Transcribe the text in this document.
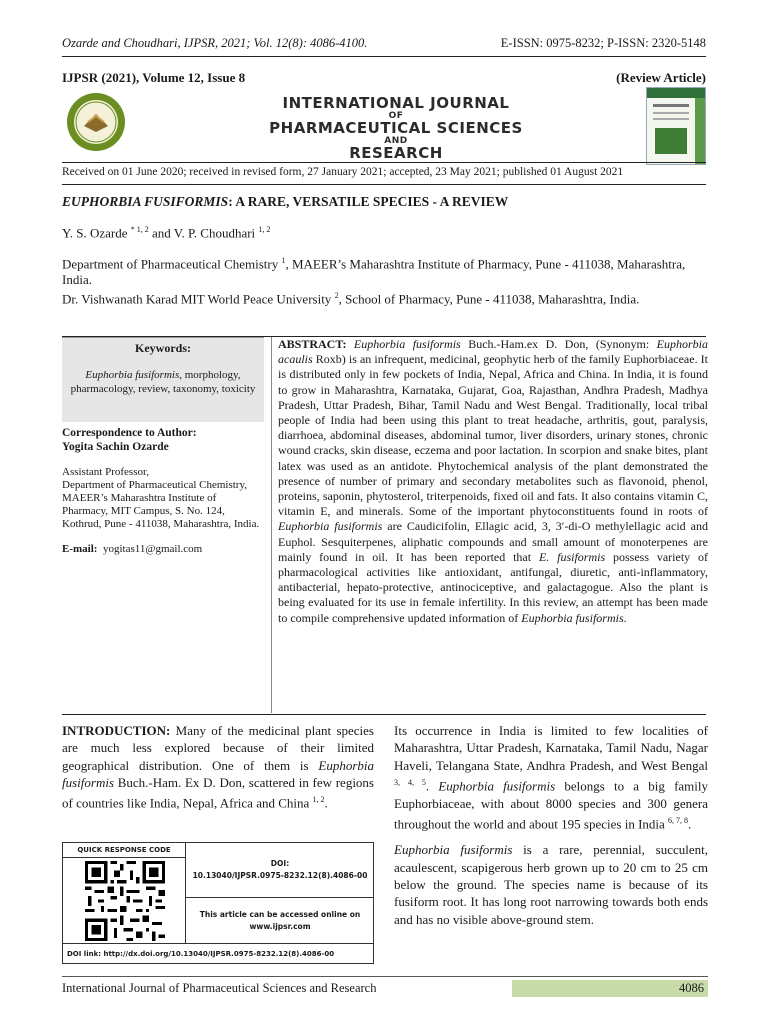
Ozarde and Choudhari, IJPSR, 2021; Vol. 12(8): 4086-4100.	E-ISSN: 0975-8232; P-ISSN: 2320-5148
IJPSR (2021), Volume 12, Issue 8	(Review Article)
INTERNATIONAL JOURNAL
OF
PHARMACEUTICAL SCIENCES
AND
RESEARCH
Received on 01 June 2020; received in revised form, 27 January 2021; accepted, 23 May 2021; published 01 August 2021
EUPHORBIA FUSIFORMIS: A RARE, VERSATILE SPECIES - A REVIEW
Y. S. Ozarde $^{* 1, 2}$ and V. P. Choudhari $^{1, 2}$
Department of Pharmaceutical Chemistry $^1$, MAEER’s Maharashtra Institute of Pharmacy, Pune - 411038, Maharashtra, India.
Dr. Vishwanath Karad MIT World Peace University $^2$, School of Pharmacy, Pune - 411038, Maharashtra, India.
Keywords:
Euphorbia fusiformis, morphology, pharmacology, review, taxonomy, toxicity
Correspondence to Author:
Yogita Sachin Ozarde
Assistant Professor,
Department of Pharmaceutical Chemistry, MAEER’s Maharashtra Institute of Pharmacy, MIT Campus, S. No. 124, Kothrud, Pune - 411038, Maharashtra, India.
E-mail: yogitas11@gmail.com
ABSTRACT: Euphorbia fusiformis Buch.-Ham.ex D. Don, (Synonym: Euphorbia acaulis Roxb) is an infrequent, medicinal, geophytic herb of the family Euphorbiaceae. It is distributed only in few pockets of India, Nepal, Africa and China. In India, it is found to grow in Maharashtra, Karnataka, Gujarat, Goa, Rajasthan, Andhra Pradesh, Madhya Pradesh, Uttar Pradesh, Bihar, Tamil Nadu and West Bengal. Traditionally, local tribal people of India had been using this plant to treat headache, arthritis, gout, paralysis, diarrhoea, abdominal diseases, abdominal tumor, liver disorders, urinary stones, chronic wound cracks, skin disease, eczema and poor lactation. In scorpion and snake bites, plant latex was used as an antidote. Phytochemical analysis of the plant demonstrated the presence of number of primary and secondary metabolites such as flavonoid, phenol, proteins, saponin, phytosterol, triterpenoids, fixed oil and fats. It also contains vitamin C, vitamin E, and minerals. Some of the important phytoconstituents found in roots of Euphorbia fusiformis are Caudicifolin, Ellagic acid, 3, 3′-di-O methylellagic acid and Euphol. Sesquiterpenes, aliphatic compounds and small amount of monoterpenes are mainly found in oil. It has been reported that E. fusiformis possess variety of pharmacological activities like antioxidant, antifungal, diuretic, anti-inflammatory, antibacterial, hepato-protective, antinociceptive, and galactagogue. Also the plant is being evaluated for its use in female infertility. In this review, an attempt has been made to compile comprehensive updated information of Euphorbia fusiformis.
INTRODUCTION: Many of the medicinal plant species are much less explored because of their limited geographical distribution. One of them is Euphorbia fusiformis Buch.-Ham. Ex D. Don, scattered in few regions of countries like India, Nepal, Africa and China $^{1, 2}$.
QUICK RESPONSE CODE
DOI:
10.13040/IJPSR.0975-8232.12(8).4086-00
This article can be accessed online on
www.ijpsr.com
DOI link: http://dx.doi.org/10.13040/IJPSR.0975-8232.12(8).4086-00

Its occurrence in India is limited to few localities of Maharashtra, Uttar Pradesh, Karnataka, Tamil Nadu, Nagar Haveli, Telangana State, Andhra Pradesh, and West Bengal $^{3, 4, 5}$. Euphorbia fusiformis belongs to a big family Euphorbiaceae, with about 8000 species and 300 genera throughout the world and about 195 species in India $^{6, 7, 8}$.

Euphorbia fusiformis is a rare, perennial, succulent, acaulescent, scapigerous herb grown up to 20 cm to 25 cm below the ground. The species name is because of its fusiform root. It has long root narrowing towards both ends and has no visible above-ground stem.

International Journal of Pharmaceutical Sciences and Research	4086
